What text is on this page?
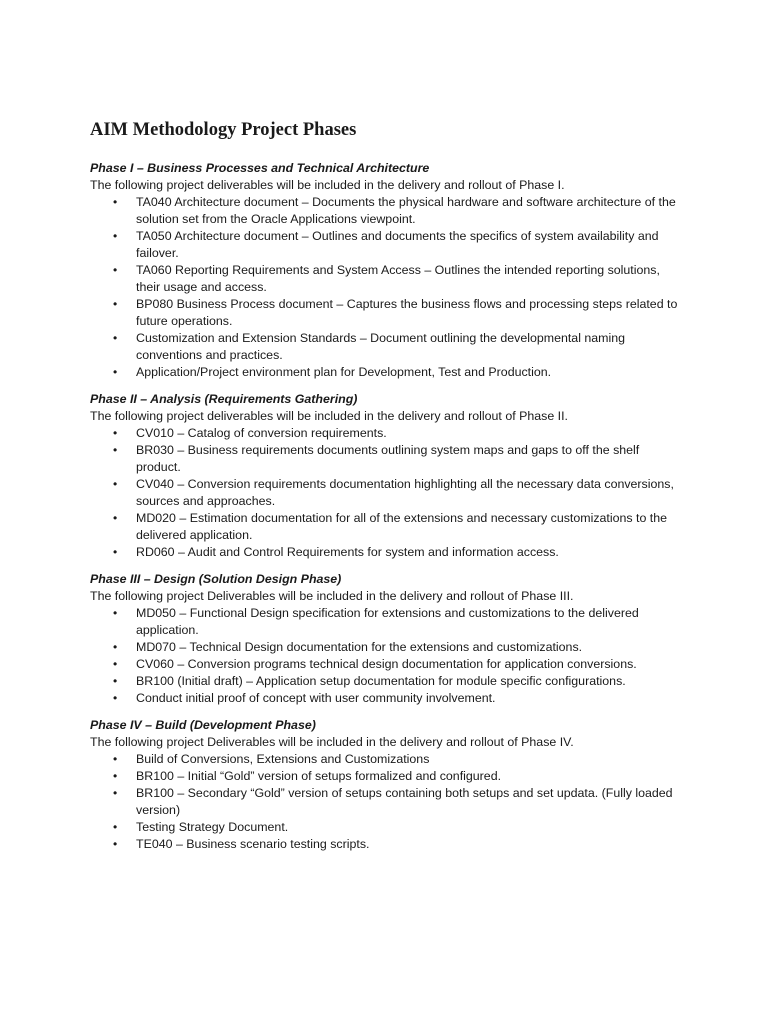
AIM Methodology Project Phases

Phase I – Business Processes and Technical Architecture

The following project deliverables will be included in the delivery and rollout of Phase I.

• TA040 Architecture document – Documents the physical hardware and software architecture of the solution set from the Oracle Applications viewpoint.
• TA050 Architecture document – Outlines and documents the specifics of system availability and failover.
• TA060 Reporting Requirements and System Access – Outlines the intended reporting solutions, their usage and access.
• BP080 Business Process document – Captures the business flows and processing steps related to future operations.
• Customization and Extension Standards – Document outlining the developmental naming conventions and practices.
• Application/Project environment plan for Development, Test and Production.

Phase II – Analysis (Requirements Gathering)

The following project deliverables will be included in the delivery and rollout of Phase II.

• CV010 – Catalog of conversion requirements.
• BR030 – Business requirements documents outlining system maps and gaps to off the shelf product.
• CV040 – Conversion requirements documentation highlighting all the necessary data conversions, sources and approaches.
• MD020 – Estimation documentation for all of the extensions and necessary customizations to the delivered application.
• RD060 – Audit and Control Requirements for system and information access.

Phase III – Design (Solution Design Phase)

The following project Deliverables will be included in the delivery and rollout of Phase III.

• MD050 – Functional Design specification for extensions and customizations to the delivered application.
• MD070 – Technical Design documentation for the extensions and customizations.
• CV060 – Conversion programs technical design documentation for application conversions.
• BR100 (Initial draft) – Application setup documentation for module specific configurations.
• Conduct initial proof of concept with user community involvement.

Phase IV – Build (Development Phase)

The following project Deliverables will be included in the delivery and rollout of Phase IV.

• Build of Conversions, Extensions and Customizations
• BR100 – Initial “Gold” version of setups formalized and configured.
• BR100 – Secondary “Gold” version of setups containing both setups and set updata. (Fully loaded version)
• Testing Strategy Document.
• TE040 – Business scenario testing scripts.
